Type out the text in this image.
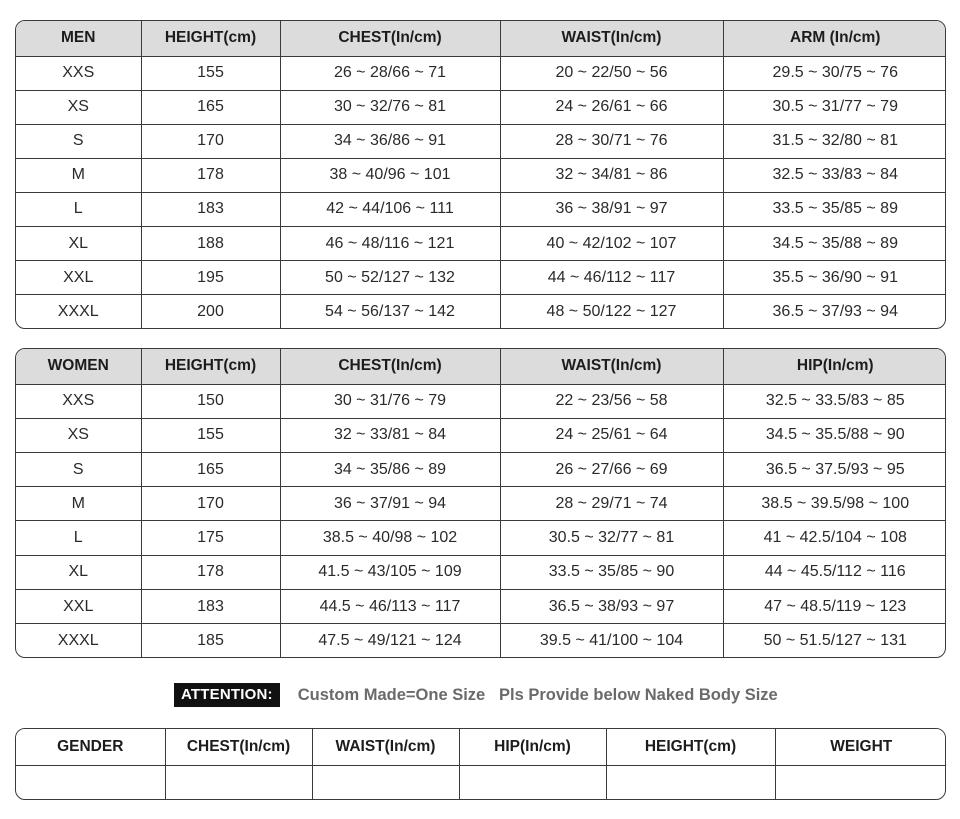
MEN	HEIGHT(cm)	CHEST(In/cm)	WAIST(In/cm)	ARM (In/cm)
XXS	155	26 ~ 28/66 ~ 71	20 ~ 22/50 ~ 56	29.5 ~ 30/75 ~ 76
XS	165	30 ~ 32/76 ~ 81	24 ~ 26/61 ~ 66	30.5 ~ 31/77 ~ 79
S	170	34 ~ 36/86 ~ 91	28 ~ 30/71 ~ 76	31.5 ~ 32/80 ~ 81
M	178	38 ~ 40/96 ~ 101	32 ~ 34/81 ~ 86	32.5 ~ 33/83 ~ 84
L	183	42 ~ 44/106 ~ 111	36 ~ 38/91 ~ 97	33.5 ~ 35/85 ~ 89
XL	188	46 ~ 48/116 ~ 121	40 ~ 42/102 ~ 107	34.5 ~ 35/88 ~ 89
XXL	195	50 ~ 52/127 ~ 132	44 ~ 46/112 ~ 117	35.5 ~ 36/90 ~ 91
XXXL	200	54 ~ 56/137 ~ 142	48 ~ 50/122 ~ 127	36.5 ~ 37/93 ~ 94
WOMEN	HEIGHT(cm)	CHEST(In/cm)	WAIST(In/cm)	HIP(In/cm)
XXS	150	30 ~ 31/76 ~ 79	22 ~ 23/56 ~ 58	32.5 ~ 33.5/83 ~ 85
XS	155	32 ~ 33/81 ~ 84	24 ~ 25/61 ~ 64	34.5 ~ 35.5/88 ~ 90
S	165	34 ~ 35/86 ~ 89	26 ~ 27/66 ~ 69	36.5 ~ 37.5/93 ~ 95
M	170	36 ~ 37/91 ~ 94	28 ~ 29/71 ~ 74	38.5 ~ 39.5/98 ~ 100
L	175	38.5 ~ 40/98 ~ 102	30.5 ~ 32/77 ~ 81	41 ~ 42.5/104 ~ 108
XL	178	41.5 ~ 43/105 ~ 109	33.5 ~ 35/85 ~ 90	44 ~ 45.5/112 ~ 116
XXL	183	44.5 ~ 46/113 ~ 117	36.5 ~ 38/93 ~ 97	47 ~ 48.5/119 ~ 123
XXXL	185	47.5 ~ 49/121 ~ 124	39.5 ~ 41/100 ~ 104	50 ~ 51.5/127 ~ 131
ATTENTION:	Custom Made=One Size   Pls Provide below Naked Body Size
GENDER	CHEST(In/cm)	WAIST(In/cm)	HIP(In/cm)	HEIGHT(cm)	WEIGHT
